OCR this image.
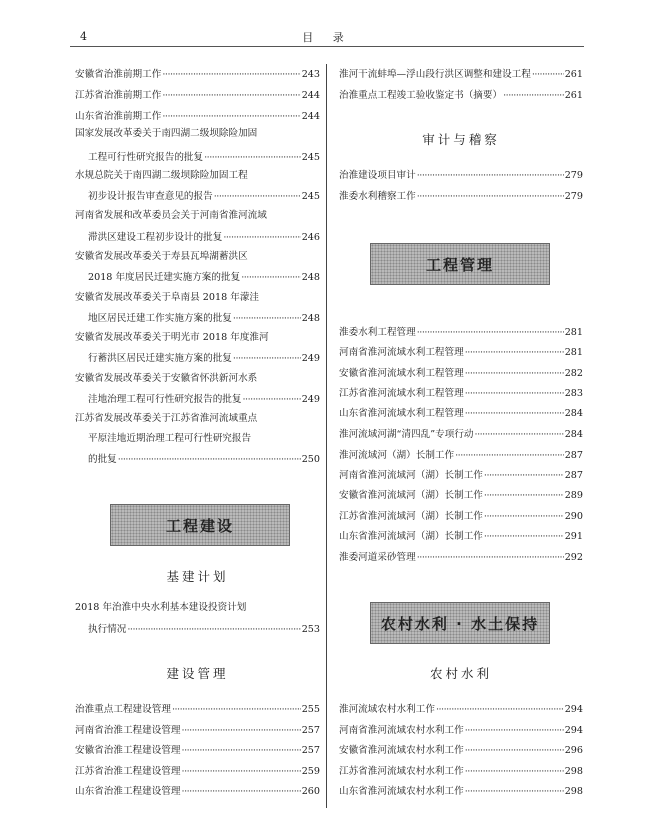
4	目 录
安徽省治淮前期工作 ·····	243
江苏省治淮前期工作 ·····	244
山东省治淮前期工作 ·····	244
国家发展改革委关于南四湖二级坝除险加固
工程可行性研究报告的批复 ·····	245
水规总院关于南四湖二级坝除险加固工程
初步设计报告审查意见的报告 ·····	245
河南省发展和改革委员会关于河南省淮河流域
滞洪区建设工程初步设计的批复 ·····	246
安徽省发展改革委关于寿县瓦埠湖蓄洪区
2018 年度居民迁建实施方案的批复 ·····	248
安徽省发展改革委关于阜南县 2018 年濛洼
地区居民迁建工作实施方案的批复 ·····	248
安徽省发展改革委关于明光市 2018 年度淮河
行蓄洪区居民迁建实施方案的批复 ·····	249
安徽省发展改革委关于安徽省怀洪新河水系
洼地治理工程可行性研究报告的批复 ·····	249
江苏省发展改革委关于江苏省淮河流域重点
平原洼地近期治理工程可行性研究报告
的批复 ·····	250
工程建设
基建计划
2018 年治淮中央水利基本建设投资计划
执行情况 ·····	253
建设管理
治淮重点工程建设管理 ·····	255
河南省治淮工程建设管理 ·····	257
安徽省治淮工程建设管理 ·····	257
江苏省治淮工程建设管理 ·····	259
山东省治淮工程建设管理 ·····	260
淮河干流蚌埠—浮山段行洪区调整和建设工程 ·····	261
治淮重点工程竣工验收鉴定书（摘要） ·····	261
审计与稽察
治淮建设项目审计 ·····	279
淮委水利稽察工作 ·····	279
工程管理
淮委水利工程管理 ·····	281
河南省淮河流域水利工程管理 ·····	281
安徽省淮河流域水利工程管理 ·····	282
江苏省淮河流域水利工程管理 ·····	283
山东省淮河流域水利工程管理 ·····	284
淮河流域河湖“清四乱”专项行动 ·····	284
淮河流域河（湖）长制工作 ·····	287
河南省淮河流域河（湖）长制工作 ·····	287
安徽省淮河流域河（湖）长制工作 ·····	289
江苏省淮河流域河（湖）长制工作 ·····	290
山东省淮河流域河（湖）长制工作 ·····	291
淮委河道采砂管理 ·····	292
农村水利 · 水土保持
农村水利
淮河流域农村水利工作 ·····	294
河南省淮河流域农村水利工作 ·····	294
安徽省淮河流域农村水利工作 ·····	296
江苏省淮河流域农村水利工作 ·····	298
山东省淮河流域农村水利工作 ·····	298
